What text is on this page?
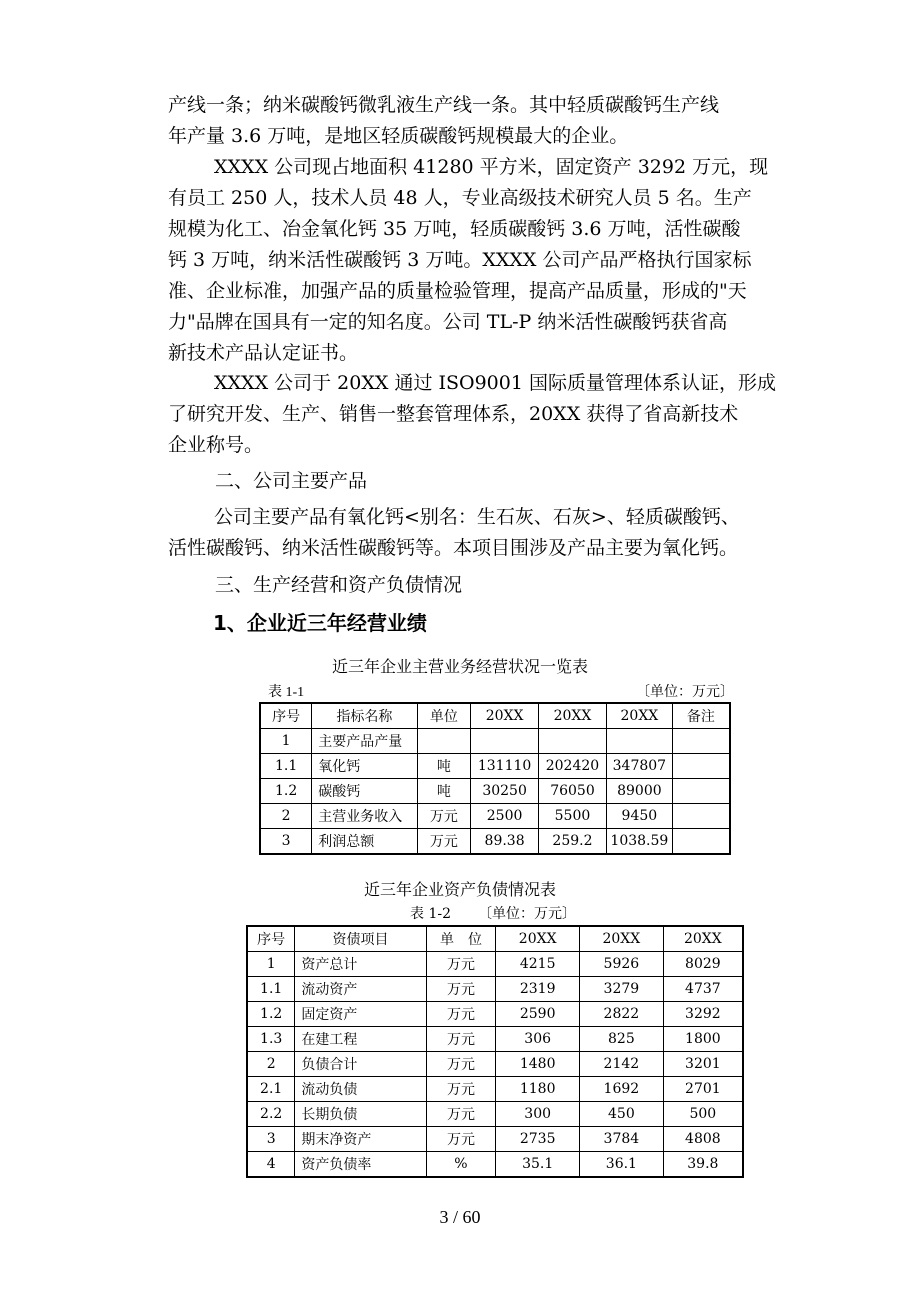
产线一条；纳米碳酸钙微乳液生产线一条。其中轻质碳酸钙生产线
年产量 3.6 万吨，是地区轻质碳酸钙规模最大的企业。
XXXX 公司现占地面积 41280 平方米，固定资产 3292 万元，现
有员工 250 人，技术人员 48 人，专业高级技术研究人员 5 名。生产
规模为化工、冶金氧化钙 35 万吨，轻质碳酸钙 3.6 万吨，活性碳酸
钙 3 万吨，纳米活性碳酸钙 3 万吨。XXXX 公司产品严格执行国家标
准、企业标准，加强产品的质量检验管理，提高产品质量，形成的"天
力"品牌在国具有一定的知名度。公司 TL-P 纳米活性碳酸钙获省高
新技术产品认定证书。
XXXX 公司于 20XX 通过 ISO9001 国际质量管理体系认证，形成
了研究开发、生产、销售一整套管理体系，20XX 获得了省高新技术
企业称号。

二、公司主要产品

公司主要产品有氧化钙<别名：生石灰、石灰>、轻质碳酸钙、
活性碳酸钙、纳米活性碳酸钙等。本项目围涉及产品主要为氧化钙。

三、生产经营和资产负债情况

1、企业近三年经营业绩

近三年企业主营业务经营状况一览表

表 1-1	〔单位：万元〕

序号	指标名称	单位	20XX	20XX	20XX	备注
1	主要产品产量					
1.1	氧化钙	吨	131110	202420	347807	
1.2	碳酸钙	吨	30250	76050	89000	
2	主营业务收入	万元	2500	5500	9450	
3	利润总额	万元	89.38	259.2	1038.59	

近三年企业资产负债情况表

表 1-2 〔单位：万元〕

序号	资债项目	单　位	20XX	20XX	20XX
1	资产总计	万元	4215	5926	8029
1.1	流动资产	万元	2319	3279	4737
1.2	固定资产	万元	2590	2822	3292
1.3	在建工程	万元	306	825	1800
2	负债合计	万元	1480	2142	3201
2.1	流动负债	万元	1180	1692	2701
2.2	长期负债	万元	300	450	500
3	期末净资产	万元	2735	3784	4808
4	资产负债率	%	35.1	36.1	39.8
3 / 60
